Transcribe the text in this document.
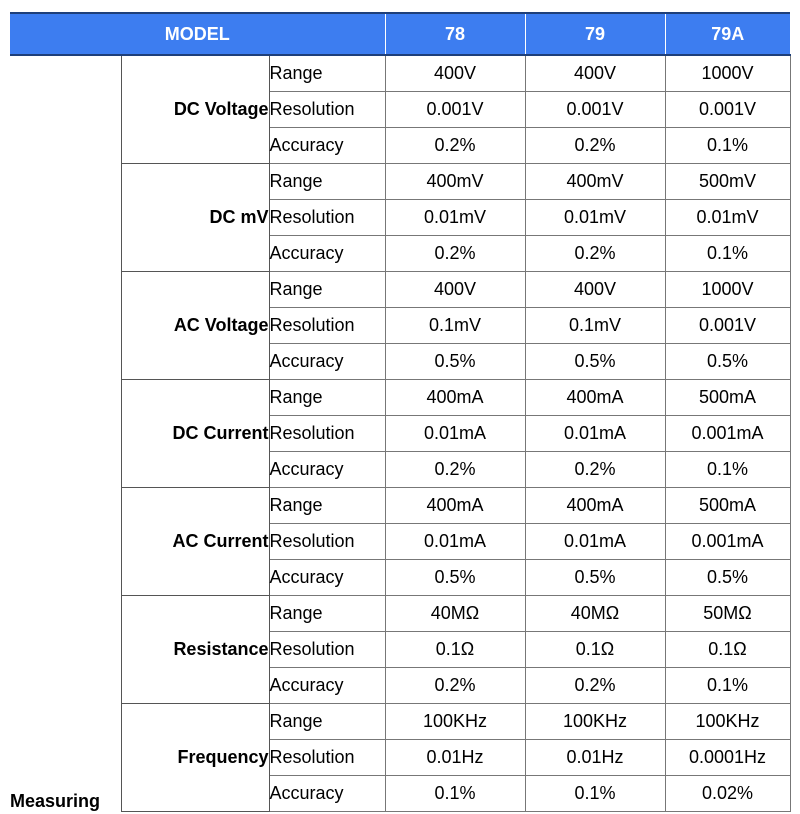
MODEL			78	79	79A
Measuring	DC Voltage	Range	400V	400V	1000V
		Resolution	0.001V	0.001V	0.001V
		Accuracy	0.2%	0.2%	0.1%
	DC mV	Range	400mV	400mV	500mV
		Resolution	0.01mV	0.01mV	0.01mV
		Accuracy	0.2%	0.2%	0.1%
	AC Voltage	Range	400V	400V	1000V
		Resolution	0.1mV	0.1mV	0.001V
		Accuracy	0.5%	0.5%	0.5%
	DC Current	Range	400mA	400mA	500mA
		Resolution	0.01mA	0.01mA	0.001mA
		Accuracy	0.2%	0.2%	0.1%
	AC Current	Range	400mA	400mA	500mA
		Resolution	0.01mA	0.01mA	0.001mA
		Accuracy	0.5%	0.5%	0.5%
	Resistance	Range	40MΩ	40MΩ	50MΩ
		Resolution	0.1Ω	0.1Ω	0.1Ω
		Accuracy	0.2%	0.2%	0.1%
	Frequency	Range	100KHz	100KHz	100KHz
		Resolution	0.01Hz	0.01Hz	0.0001Hz
		Accuracy	0.1%	0.1%	0.02%
